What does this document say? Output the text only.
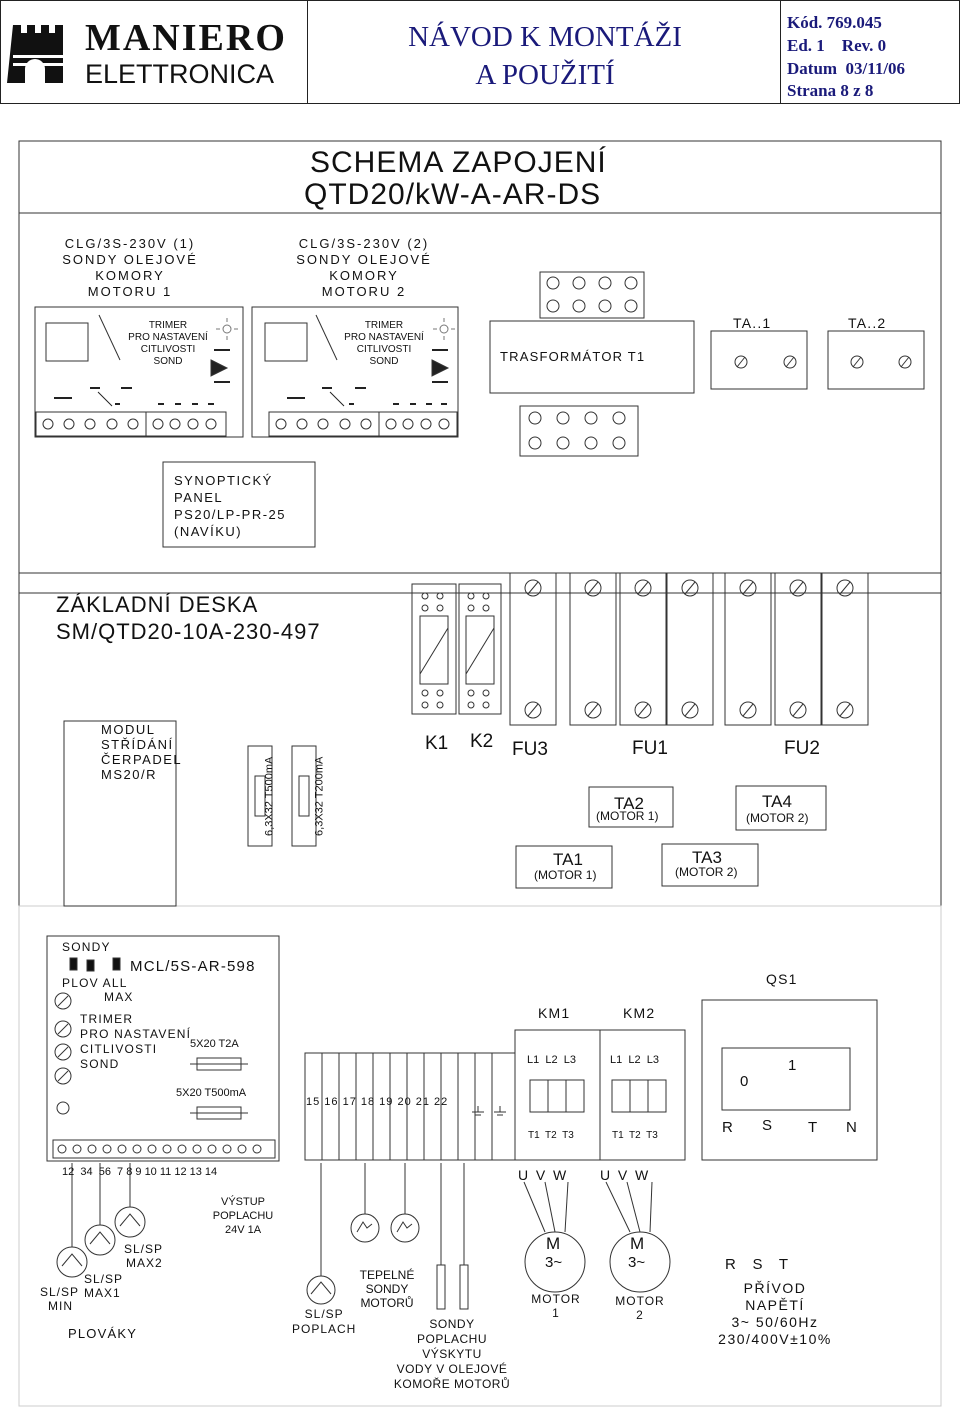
MANIERO
ELETTRONICA
NÁVOD K MONTÁŽI
A POUŽITÍ
Kód. 769.045
Ed. 1    Rev. 0
Datum  03/11/06
Strana 8 z 8
SCHEMA ZAPOJENÍ
QTD20/kW-A-AR-DS
CLG/3S-230V (1)
SONDY OLEJOVÉ
KOMORY
MOTORU 1
CLG/3S-230V (2)
SONDY OLEJOVÉ
KOMORY
MOTORU 2
TRIMER
PRO NASTAVENÍ
CITLIVOSTI
SOND
TRIMER
PRO NASTAVENÍ
CITLIVOSTI
SOND	TRASFORMÁTOR T1
TA..1	TA..2
SYNOPTICKÝ
PANEL
PS20/LP-PR-25
(NAVÍKU)
ZÁKLADNÍ DESKA
SM/QTD20-10A-230-497
MODUL
STŘÍDÁNÍ
ČERPADEL
MS20/R	6,3X32 T500mA	6,3X32 T200mA
K1 K2 FU3	FU1	FU2
TA2
(MOTOR 1)
TA4
(MOTOR 2)
TA1
(MOTOR 1)
TA3
(MOTOR 2)
SONDY
MCL/5S-AR-598
PLOV ALL
MAX
TRIMER
PRO NASTAVENÍ
CITLIVOSTI
SOND
5X20 T2A
5X20 T500mA
12  34  56  7 8 9 10 11 12 13 14
15 16 17 18 19 20 21 22
KM1	KM2
L1  L2  L3	L1  L2  L3
T1  T2  T3	T1  T2  T3
U  V  W U  V  W
QS1
0
1
R S T N
VÝSTUP
POPLACHU
24V 1A
SL/SP
MAX2
SL/SP
MAX1
SL/SP
MIN
PLOVÁKY
SL/SP
POPLACH
TEPELNÉ
SONDY
MOTORŮ
SONDY
POPLACHU
VÝSKYTU
VODY V OLEJOVÉ
KOMOŘE MOTORŮ
M
3~
M
3~
MOTOR
1
MOTOR
2
R    S    T
PŘÍVOD
NAPĚTÍ
3~ 50/60Hz
230/400V±10%
